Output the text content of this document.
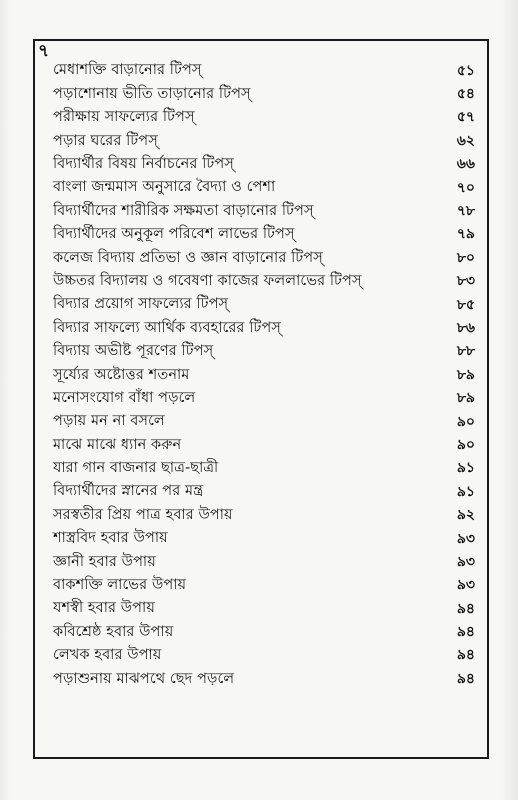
৭
মেধাশক্তি বাড়ানোর টিপস্	৫১
পড়াশোনায় ভীতি তাড়ানোর টিপস্	৫৪
পরীক্ষায় সাফল্যের টিপস্	৫৭
পড়ার ঘরের টিপস্	৬২
বিদ্যার্থীর বিষয় নির্বাচনের টিপস্	৬৬
বাংলা জন্মমাস অনুসারে বৈদ্যা ও পেশা	৭০
বিদ্যার্থীদের শারীরিক সক্ষমতা বাড়ানোর টিপস্	৭৮
বিদ্যার্থীদের অনুকূল পরিবেশ লাভের টিপস্	৭৯
কলেজ বিদ্যায় প্রতিভা ও জ্ঞান বাড়ানোর টিপস্	৮০
উচ্চতর বিদ্যালয় ও গবেষণা কাজের ফললাভের টিপস্	৮৩
বিদ্যার প্রয়োগ সাফল্যের টিপস্	৮৫
বিদ্যার সাফল্যে আর্থিক ব্যবহারের টিপস্	৮৬
বিদ্যায় অভীষ্ট পূরণের টিপস্	৮৮
সূর্য্যের অষ্টোত্তর শতনাম	৮৯
মনোসংযোগ বাঁধা পড়লে	৮৯
পড়ায় মন না বসলে	৯০
মাঝে মাঝে ধ্যান করুন	৯০
যারা গান বাজনার ছাত্র-ছাত্রী	৯১
বিদ্যার্থীদের স্নানের পর মন্ত্র	৯১
সরস্বতীর প্রিয় পাত্র হবার উপায়	৯২
শাস্ত্রবিদ হবার উপায়	৯৩
জ্ঞানী হবার উপায়	৯৩
বাকশক্তি লাভের উপায়	৯৩
যশস্বী হবার উপায়	৯৪
কবিশ্রেষ্ঠ হবার উপায়	৯৪
লেখক হবার উপায়	৯৪
পড়াশুনায় মাঝপথে ছেদ পড়লে	৯৪
